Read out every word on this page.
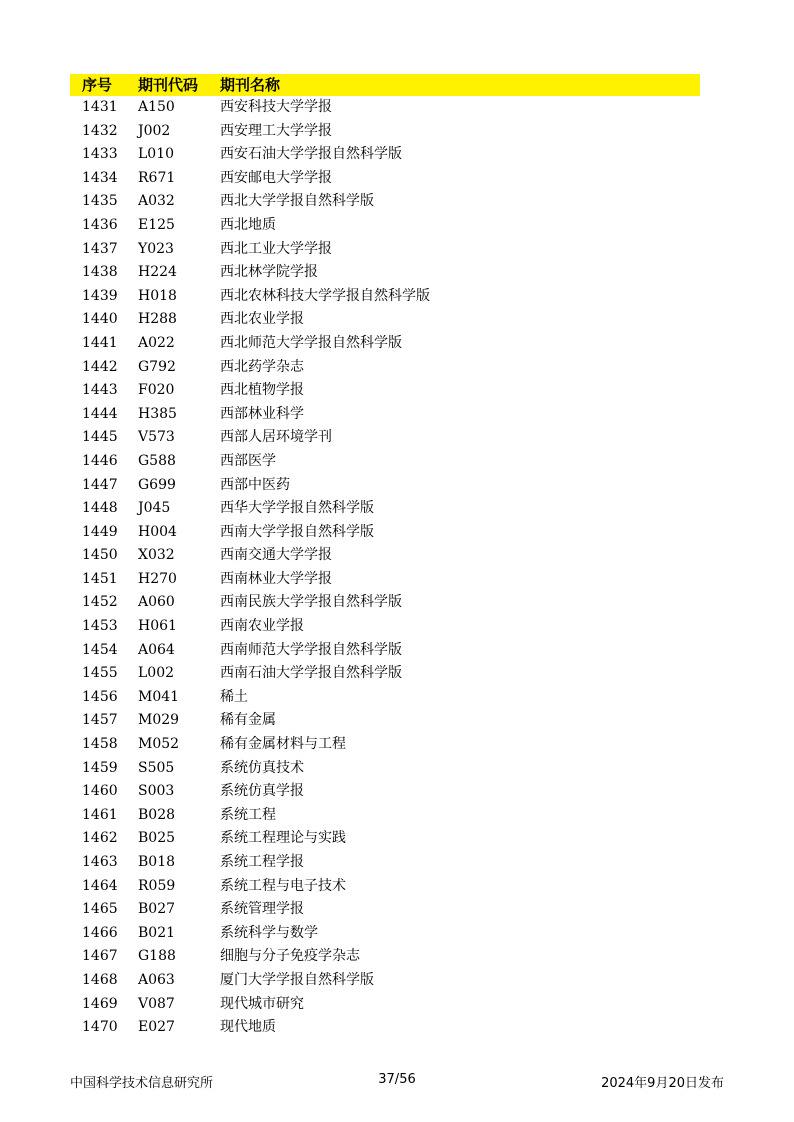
序号	期刊代码	期刊名称
1431	A150	西安科技大学学报
1432	J002	西安理工大学学报
1433	L010	西安石油大学学报自然科学版
1434	R671	西安邮电大学学报
1435	A032	西北大学学报自然科学版
1436	E125	西北地质
1437	Y023	西北工业大学学报
1438	H224	西北林学院学报
1439	H018	西北农林科技大学学报自然科学版
1440	H288	西北农业学报
1441	A022	西北师范大学学报自然科学版
1442	G792	西北药学杂志
1443	F020	西北植物学报
1444	H385	西部林业科学
1445	V573	西部人居环境学刊
1446	G588	西部医学
1447	G699	西部中医药
1448	J045	西华大学学报自然科学版
1449	H004	西南大学学报自然科学版
1450	X032	西南交通大学学报
1451	H270	西南林业大学学报
1452	A060	西南民族大学学报自然科学版
1453	H061	西南农业学报
1454	A064	西南师范大学学报自然科学版
1455	L002	西南石油大学学报自然科学版
1456	M041	稀土
1457	M029	稀有金属
1458	M052	稀有金属材料与工程
1459	S505	系统仿真技术
1460	S003	系统仿真学报
1461	B028	系统工程
1462	B025	系统工程理论与实践
1463	B018	系统工程学报
1464	R059	系统工程与电子技术
1465	B027	系统管理学报
1466	B021	系统科学与数学
1467	G188	细胞与分子免疫学杂志
1468	A063	厦门大学学报自然科学版
1469	V087	现代城市研究
1470	E027	现代地质
中国科学技术信息研究所	37/56	2024年9月20日发布
